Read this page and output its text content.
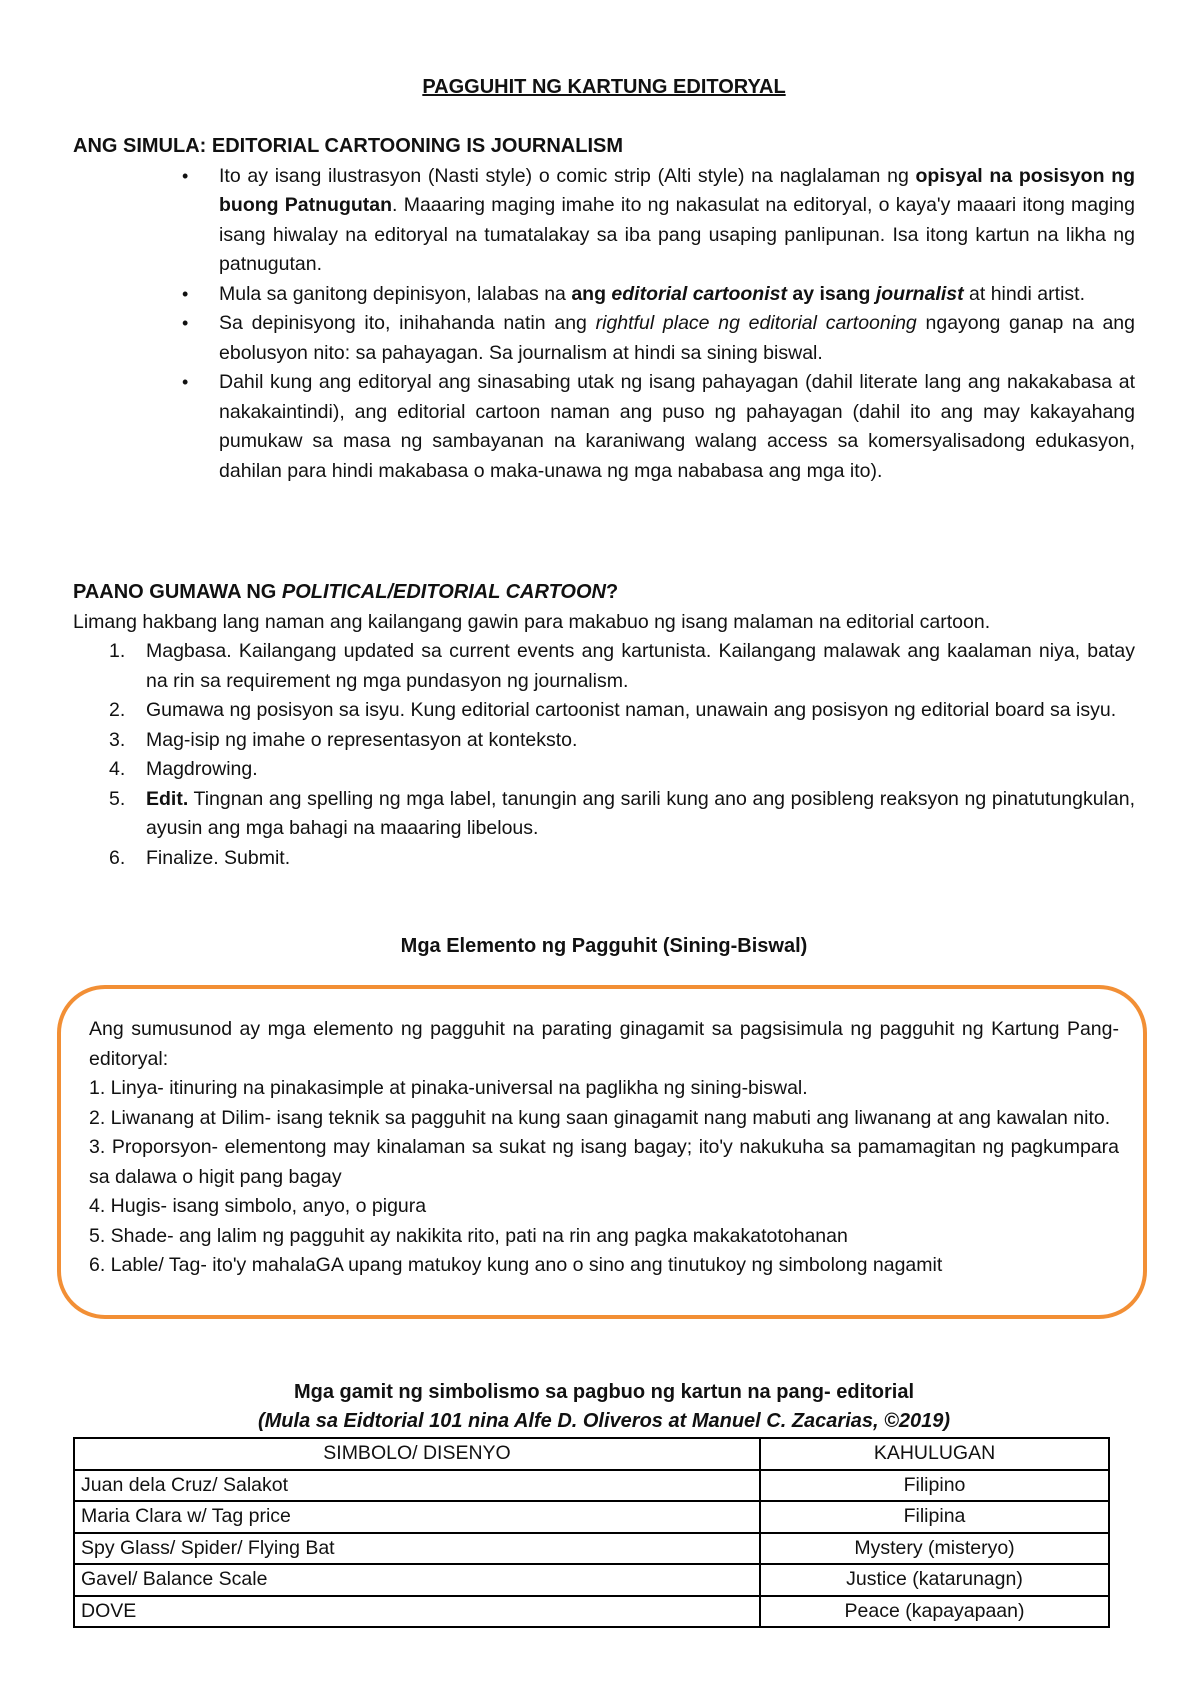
PAGGUHIT NG KARTUNG EDITORYAL

ANG SIMULA: EDITORIAL CARTOONING IS JOURNALISM

• Ito ay isang ilustrasyon (Nasti style) o comic strip (Alti style) na naglalaman ng opisyal na posisyon ng buong Patnugutan. Maaaring maging imahe ito ng nakasulat na editoryal, o kaya'y maaari itong maging isang hiwalay na editoryal na tumatalakay sa iba pang usaping panlipunan. Isa itong kartun na likha ng patnugutan.
• Mula sa ganitong depinisyon, lalabas na ang editorial cartoonist ay isang journalist at hindi artist.
• Sa depinisyong ito, inihahanda natin ang rightful place ng editorial cartooning ngayong ganap na ang ebolusyon nito: sa pahayagan. Sa journalism at hindi sa sining biswal.
• Dahil kung ang editoryal ang sinasabing utak ng isang pahayagan (dahil literate lang ang nakakabasa at nakakaintindi), ang editorial cartoon naman ang puso ng pahayagan (dahil ito ang may kakayahang pumukaw sa masa ng sambayanan na karaniwang walang access sa komersyalisadong edukasyon, dahilan para hindi makabasa o maka-unawa ng mga nababasa ang mga ito).

PAANO GUMAWA NG POLITICAL/EDITORIAL CARTOON?

Limang hakbang lang naman ang kailangang gawin para makabuo ng isang malaman na editorial cartoon.
1. Magbasa. Kailangang updated sa current events ang kartunista. Kailangang malawak ang kaalaman niya, batay na rin sa requirement ng mga pundasyon ng journalism.
2. Gumawa ng posisyon sa isyu. Kung editorial cartoonist naman, unawain ang posisyon ng editorial board sa isyu.
3. Mag-isip ng imahe o representasyon at konteksto.
4. Magdrowing.
5. Edit. Tingnan ang spelling ng mga label, tanungin ang sarili kung ano ang posibleng reaksyon ng pinatutungkulan, ayusin ang mga bahagi na maaaring libelous.
6. Finalize. Submit.
Mga Elemento ng Pagguhit (Sining-Biswal)

Ang sumusunod ay mga elemento ng pagguhit na parating ginagamit sa pagsisimula ng pagguhit ng Kartung Pang-editoryal:

1. Linya- itinuring na pinakasimple at pinaka-universal na paglikha ng sining-biswal.

2. Liwanang at Dilim- isang teknik sa pagguhit na kung saan ginagamit nang mabuti ang liwanang at ang kawalan nito.

3. Proporsyon- elementong may kinalaman sa sukat ng isang bagay; ito'y nakukuha sa pamamagitan ng pagkumpara sa dalawa o higit pang bagay

4. Hugis- isang simbolo, anyo, o pigura

5. Shade- ang lalim ng pagguhit ay nakikita rito, pati na rin ang pagka makakatotohanan

6. Lable/ Tag- ito'y mahalaGA upang matukoy kung ano o sino ang tinutukoy ng simbolong nagamit

Mga gamit ng simbolismo sa pagbuo ng kartun na pang- editorial
(Mula sa Eidtorial 101 nina Alfe D. Oliveros at Manuel C. Zacarias, ©2019)
SIMBOLO/ DISENYO	KAHULUGAN
Juan dela Cruz/ Salakot	Filipino
Maria Clara w/ Tag price	Filipina
Spy Glass/ Spider/ Flying Bat	Mystery (misteryo)
Gavel/ Balance Scale	Justice (katarunagn)
DOVE	Peace (kapayapaan)
